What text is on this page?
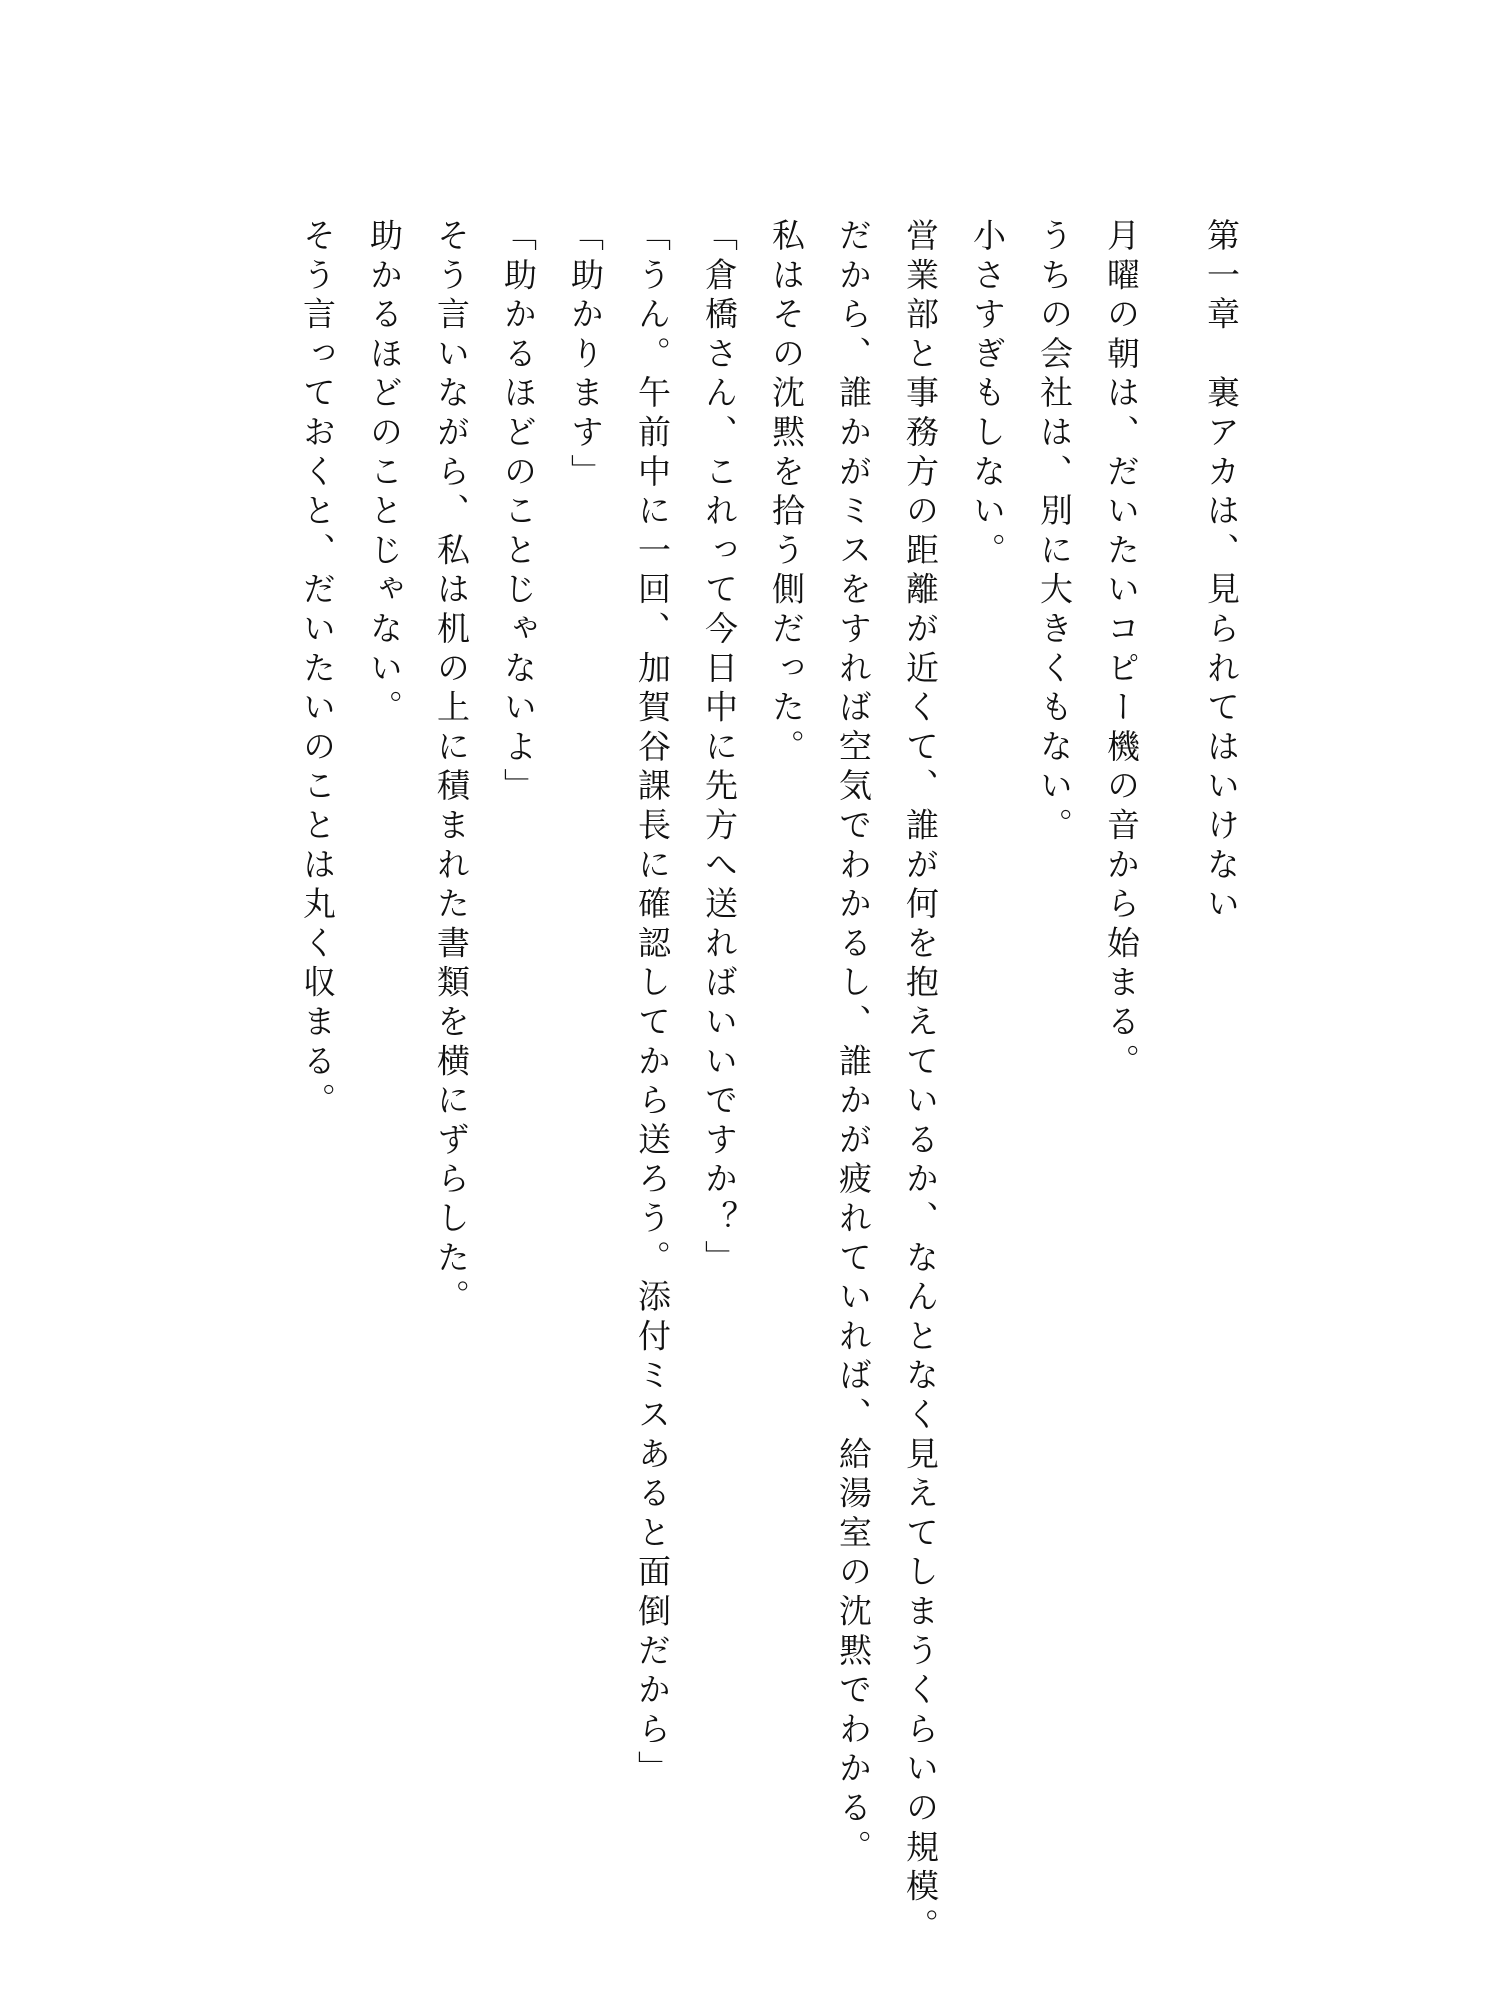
第一章　裏アカは、見られてはいけない
月曜の朝は、だいたいコピー機の音から始まる。
うちの会社は、別に大きくもない。
小さすぎもしない。
営業部と事務方の距離が近くて、誰が何を抱えているか、なんとなく見えてしまうくらいの規模。
だから、誰かがミスをすれば空気でわかるし、誰かが疲れていれば、給湯室の沈黙でわかる。
私はその沈黙を拾う側だった。
「倉橋さん、これって今日中に先方へ送ればいいですか？」
「うん。午前中に一回、加賀谷課長に確認してから送ろう。添付ミスあると面倒だから」
「助かります」
「助かるほどのことじゃないよ」
そう言いながら、私は机の上に積まれた書類を横にずらした。
助かるほどのことじゃない。
そう言っておくと、だいたいのことは丸く収まる。
